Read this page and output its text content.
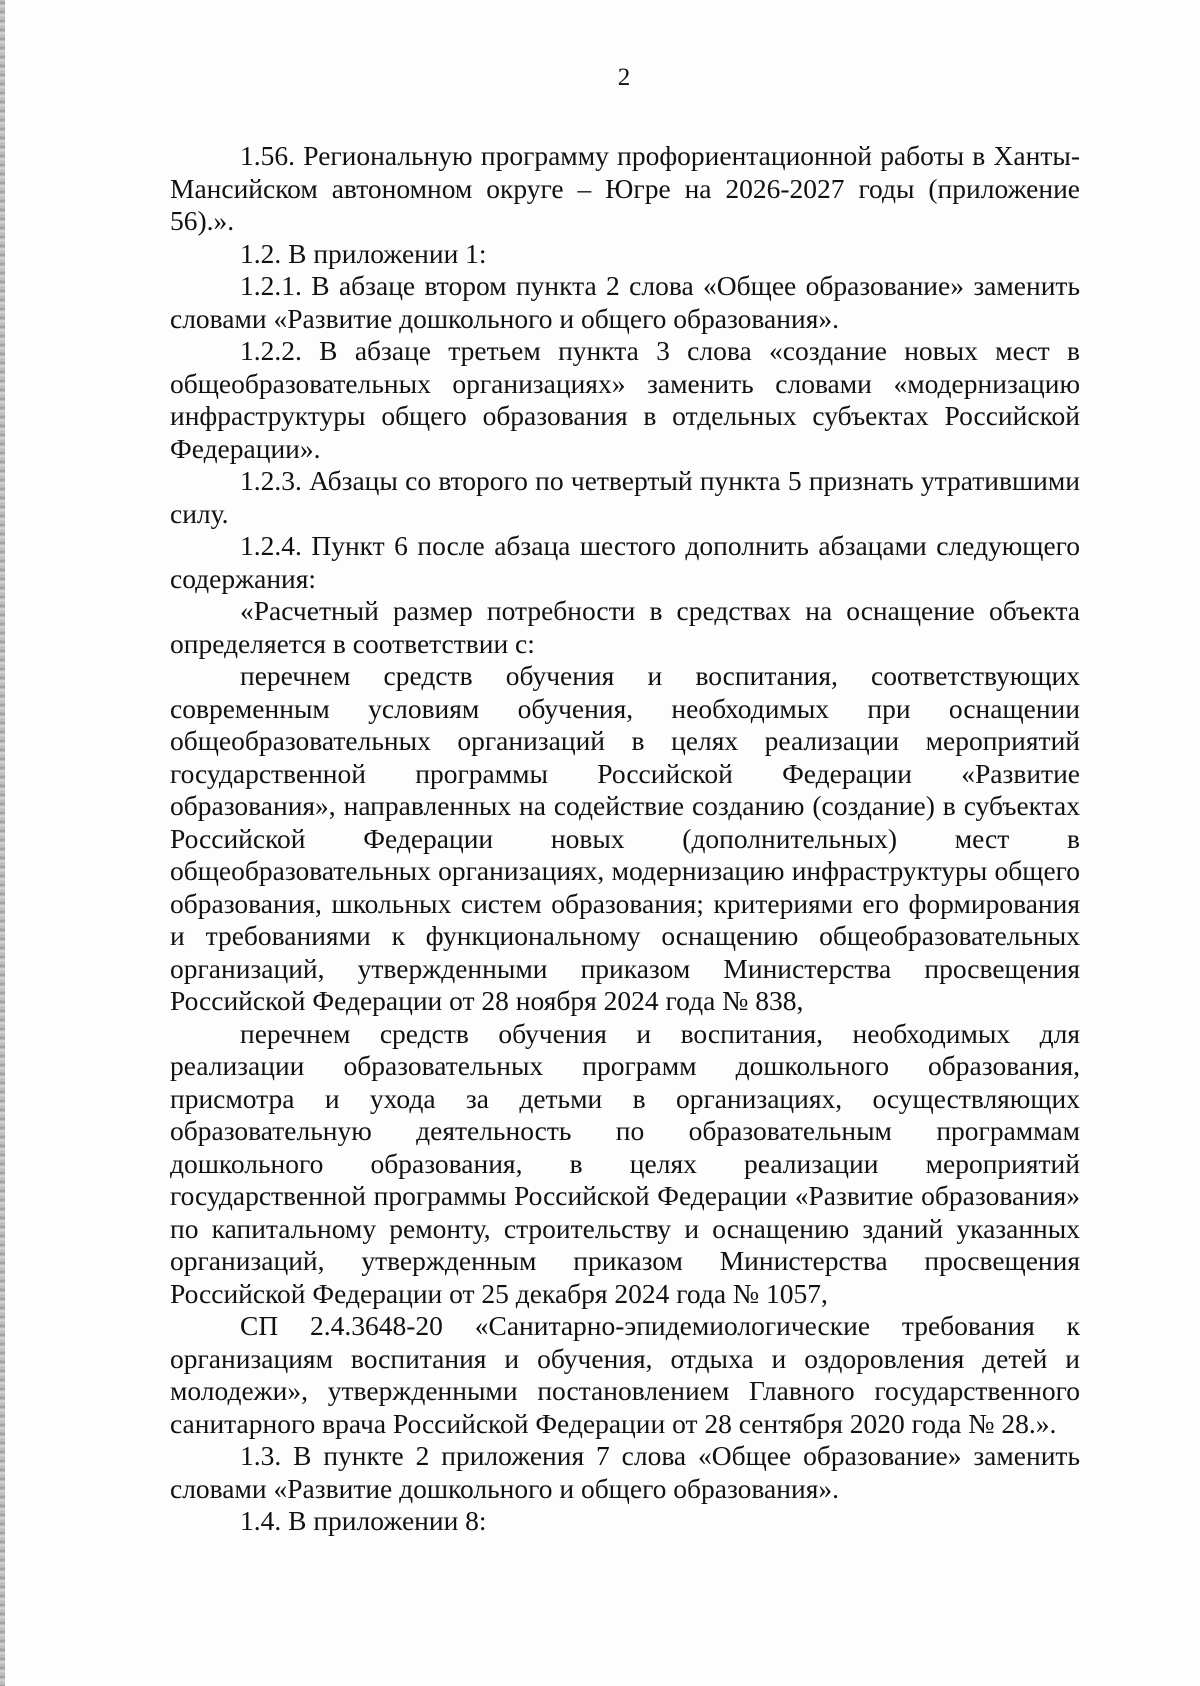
2

1.56. Региональную программу профориентационной работы в Ханты-Мансийском автономном округе – Югре на 2026-2027 годы (приложение 56).».

1.2. В приложении 1:

1.2.1. В абзаце втором пункта 2 слова «Общее образование» заменить словами «Развитие дошкольного и общего образования».

1.2.2. В абзаце третьем пункта 3 слова «создание новых мест в общеобразовательных организациях» заменить словами «модернизацию инфраструктуры общего образования в отдельных субъектах Российской Федерации».

1.2.3. Абзацы со второго по четвертый пункта 5 признать утратившими силу.

1.2.4. Пункт 6 после абзаца шестого дополнить абзацами следующего содержания:

«Расчетный размер потребности в средствах на оснащение объекта определяется в соответствии с:

перечнем средств обучения и воспитания, соответствующих современным условиям обучения, необходимых при оснащении общеобразовательных организаций в целях реализации мероприятий государственной программы Российской Федерации «Развитие образования», направленных на содействие созданию (создание) в субъектах Российской Федерации новых (дополнительных) мест в общеобразовательных организациях, модернизацию инфраструктуры общего образования, школьных систем образования; критериями его формирования и требованиями к функциональному оснащению общеобразовательных организаций, утвержденными приказом Министерства просвещения Российской Федерации от 28 ноября 2024 года № 838,

перечнем средств обучения и воспитания, необходимых для реализации образовательных программ дошкольного образования, присмотра и ухода за детьми в организациях, осуществляющих образовательную деятельность по образовательным программам дошкольного образования, в целях реализации мероприятий государственной программы Российской Федерации «Развитие образования» по капитальному ремонту, строительству и оснащению зданий указанных организаций, утвержденным приказом Министерства просвещения Российской Федерации от 25 декабря 2024 года № 1057,

СП 2.4.3648-20 «Санитарно-эпидемиологические требования к организациям воспитания и обучения, отдыха и оздоровления детей и молодежи», утвержденными постановлением Главного государственного санитарного врача Российской Федерации от 28 сентября 2020 года № 28.».

1.3. В пункте 2 приложения 7 слова «Общее образование» заменить словами «Развитие дошкольного и общего образования».

1.4. В приложении 8:
